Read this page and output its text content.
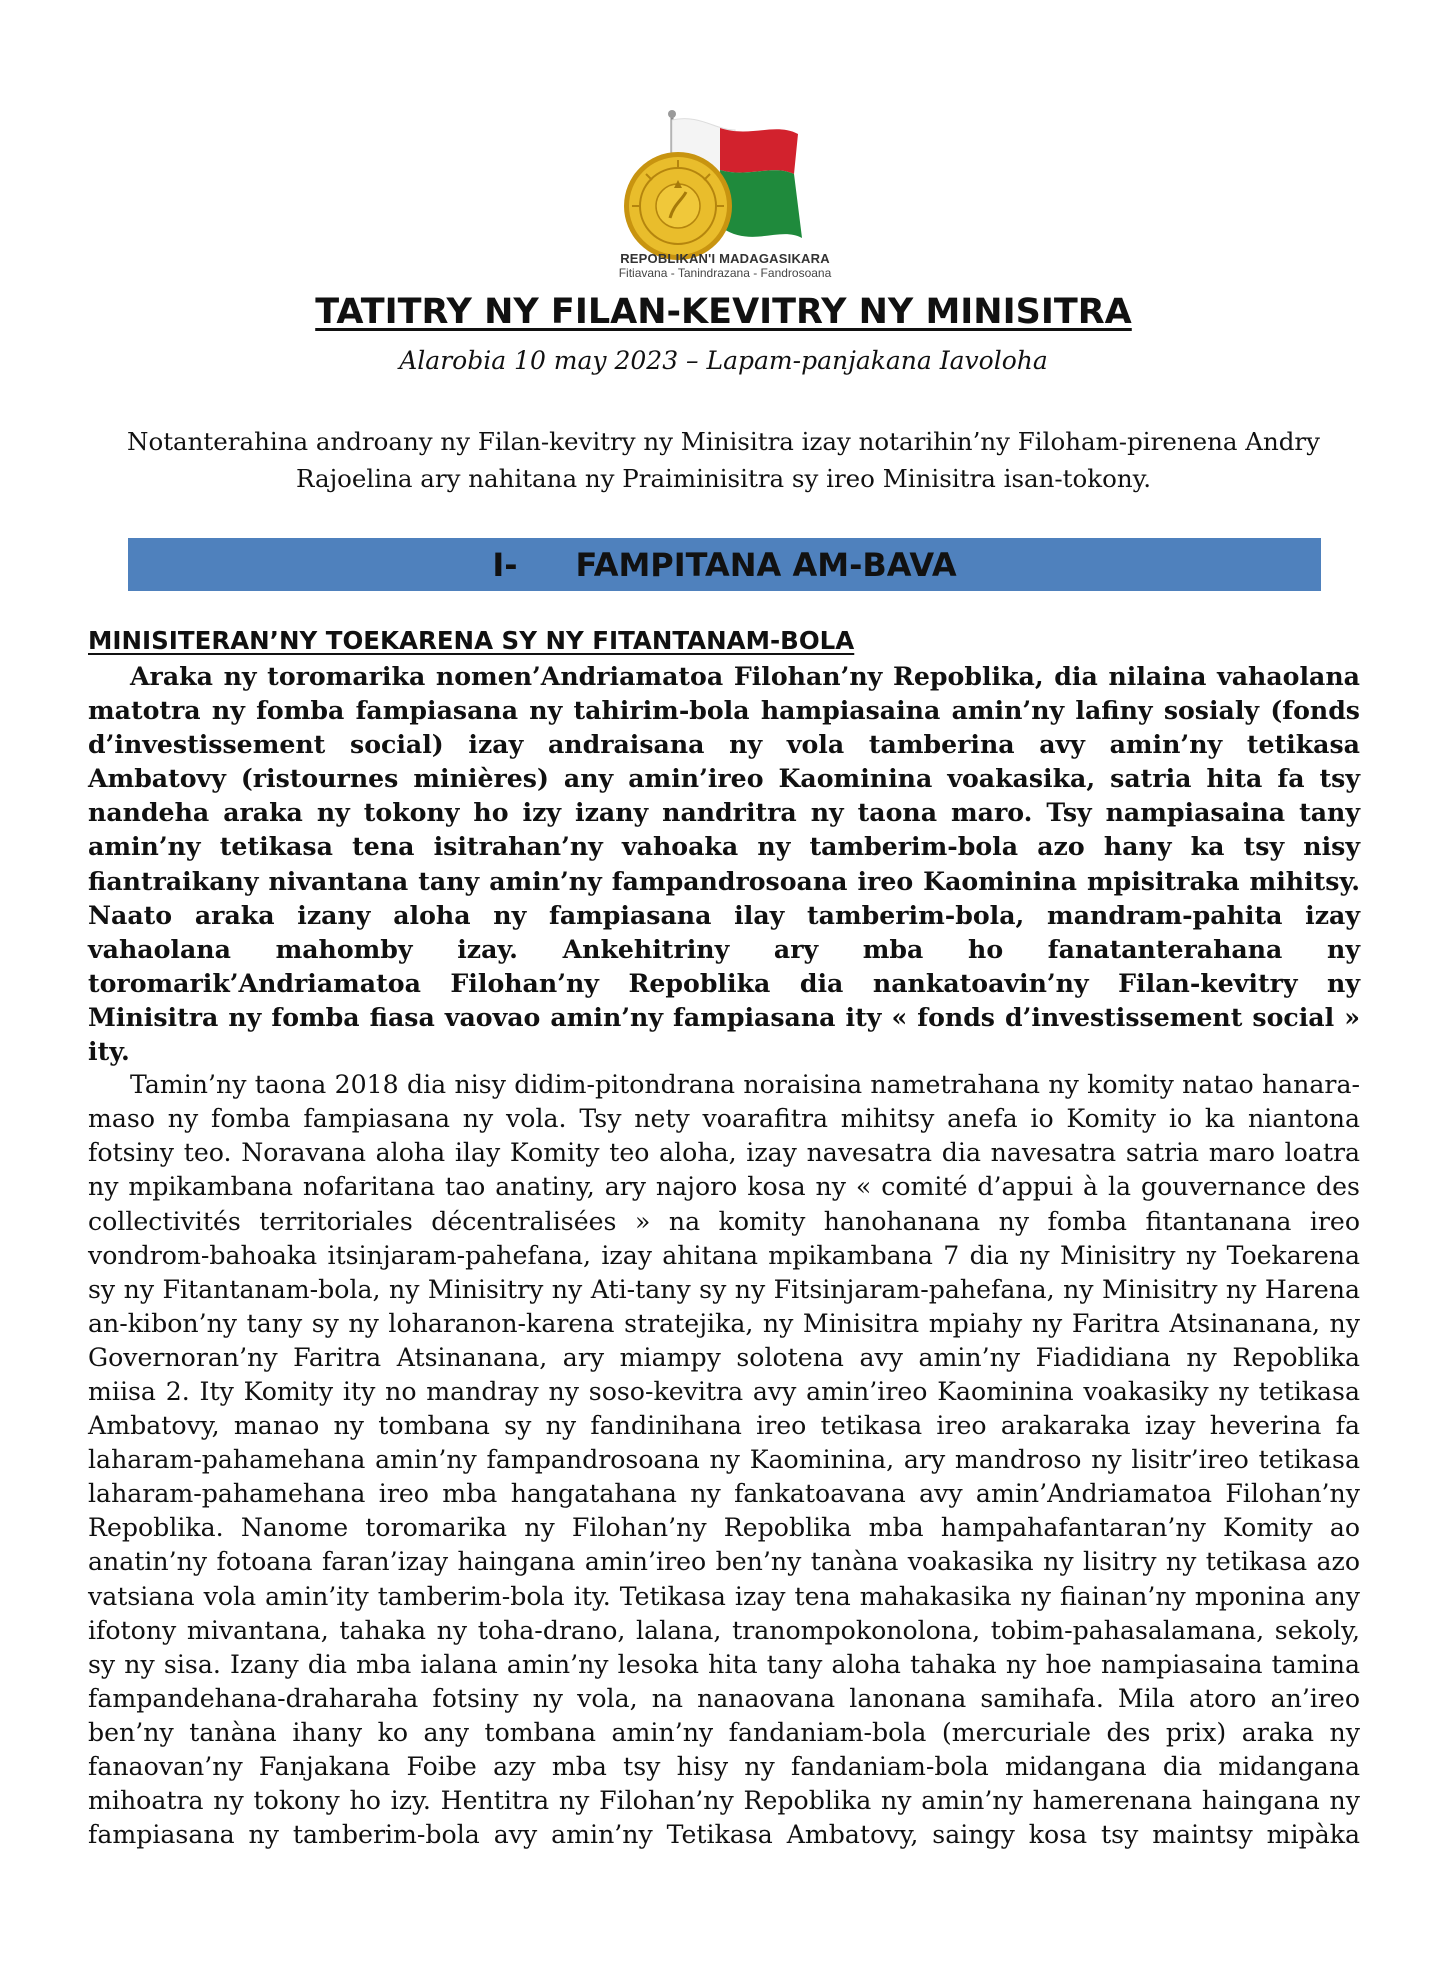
REPOBLIKAN'I MADAGASIKARA
Fitiavana - Tanindrazana - Fandrosoana
TATITRY NY FILAN-KEVITRY NY MINISITRA
Alarobia 10 may 2023 – Lapam-panjakana Iavoloha
Notanterahina androany ny Filan-kevitry ny Minisitra izay notarihin’ny Filoham-pirenena Andry Rajoelina ary nahitana ny Praiminisitra sy ireo Minisitra isan-tokony.
I- FAMPITANA AM-BAVA
MINISITERAN’NY TOEKARENA SY NY FITANTANAM-BOLA

Araka ny toromarika nomen’Andriamatoa Filohan’ny Repoblika, dia nilaina vahaolana matotra ny fomba fampiasana ny tahirim-bola hampiasaina amin’ny lafiny sosialy (fonds d’investissement social) izay andraisana ny vola tamberina avy amin’ny tetikasa Ambatovy (ristournes minières) any amin’ireo Kaominina voakasika, satria hita fa tsy nandeha araka ny tokony ho izy izany nandritra ny taona maro. Tsy nampiasaina tany amin’ny tetikasa tena isitrahan’ny vahoaka ny tamberim-bola azo hany ka tsy nisy fiantraikany nivantana tany amin’ny fampandrosoana ireo Kaominina mpisitraka mihitsy. Naato araka izany aloha ny fampiasana ilay tamberim-bola, mandram-pahita izay vahaolana mahomby izay. Ankehitriny ary mba ho fanatanterahana ny toromarik’Andriamatoa Filohan’ny Repoblika dia nankatoavin’ny Filan-kevitry ny Minisitra ny fomba fiasa vaovao amin’ny fampiasana ity « fonds d’investissement social » ity.

Tamin’ny taona 2018 dia nisy didim-pitondrana noraisina nametrahana ny komity natao hanara-maso ny fomba fampiasana ny vola. Tsy nety voarafitra mihitsy anefa io Komity io ka niantona fotsiny teo. Noravana aloha ilay Komity teo aloha, izay navesatra dia navesatra satria maro loatra ny mpikambana nofaritana tao anatiny, ary najoro kosa ny « comité d’appui à la gouvernance des collectivités territoriales décentralisées » na komity hanohanana ny fomba fitantanana ireo vondrom-bahoaka itsinjaram-pahefana, izay ahitana mpikambana 7 dia ny Minisitry ny Toekarena sy ny Fitantanam-bola, ny Minisitry ny Ati-tany sy ny Fitsinjaram-pahefana, ny Minisitry ny Harena an-kibon’ny tany sy ny loharanon-karena stratejika, ny Minisitra mpiahy ny Faritra Atsinanana, ny Governoran’ny Faritra Atsinanana, ary miampy solotena avy amin’ny Fiadidiana ny Repoblika miisa 2. Ity Komity ity no mandray ny soso-kevitra avy amin’ireo Kaominina voakasiky ny tetikasa Ambatovy, manao ny tombana sy ny fandinihana ireo tetikasa ireo arakaraka izay heverina fa laharam-pahamehana amin’ny fampandrosoana ny Kaominina, ary mandroso ny lisitr’ireo tetikasa laharam-pahamehana ireo mba hangatahana ny fankatoavana avy amin’Andriamatoa Filohan’ny Repoblika. Nanome toromarika ny Filohan’ny Repoblika mba hampahafantaran’ny Komity ao anatin’ny fotoana faran’izay haingana amin’ireo ben’ny tanàna voakasika ny lisitry ny tetikasa azo vatsiana vola amin’ity tamberim-bola ity. Tetikasa izay tena mahakasika ny fiainan’ny mponina any ifotony mivantana, tahaka ny toha-drano, lalana, tranompokonolona, tobim-pahasalamana, sekoly, sy ny sisa. Izany dia mba ialana amin’ny lesoka hita tany aloha tahaka ny hoe nampiasaina tamina fampandehana-draharaha fotsiny ny vola, na nanaovana lanonana samihafa. Mila atoro an’ireo ben’ny tanàna ihany ko any tombana amin’ny fandaniam-bola (mercuriale des prix) araka ny fanaovan’ny Fanjakana Foibe azy mba tsy hisy ny fandaniam-bola midangana dia midangana mihoatra ny tokony ho izy. Hentitra ny Filohan’ny Repoblika ny amin’ny hamerenana haingana ny fampiasana ny tamberim-bola avy amin’ny Tetikasa Ambatovy, saingy kosa tsy maintsy mipàka
